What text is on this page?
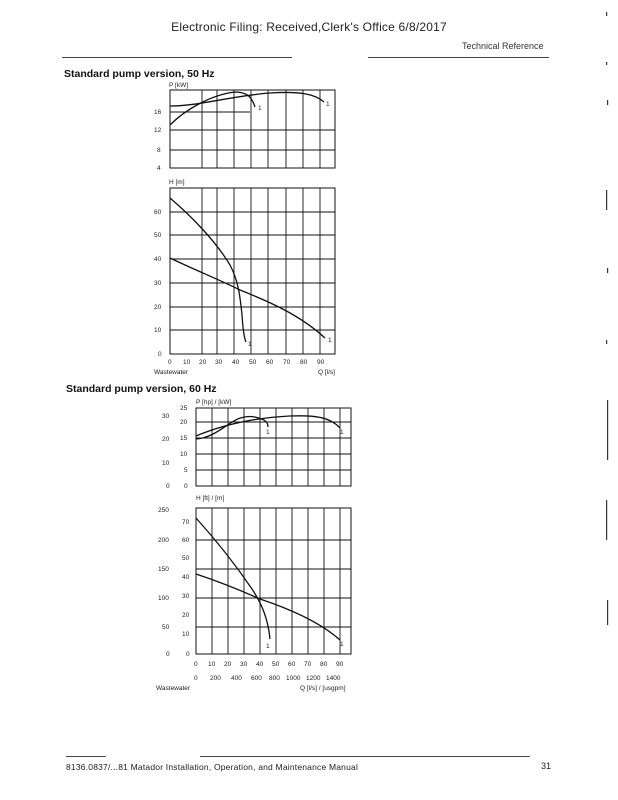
Electronic Filing: Received,Clerk's Office 6/8/2017
Technical Reference
Standard pump version, 50 Hz
P [kW]
16
12
8
4
1
1
H [m]
60
50
40
30
20
10
0
1
1
0 10 20 30 40 50 60 70 80 90
Wastewater	Q [l/s]
Standard pump version, 60 Hz
P [hp] / [kW]
30
20
10
0
25
20
15
10
5
0
1	1
H [ft] / [m]
250
200
150
100
50
0
70
60
50
40
30
20
10
0
1	1
0 10 20 30 40 50 60 70 80 90
0 200 400 600 800 1000 1200 1400
Wastewater	Q [l/s] / [usgpm]
8136.0837/...81 Matador Installation, Operation, and Maintenance Manual	31
